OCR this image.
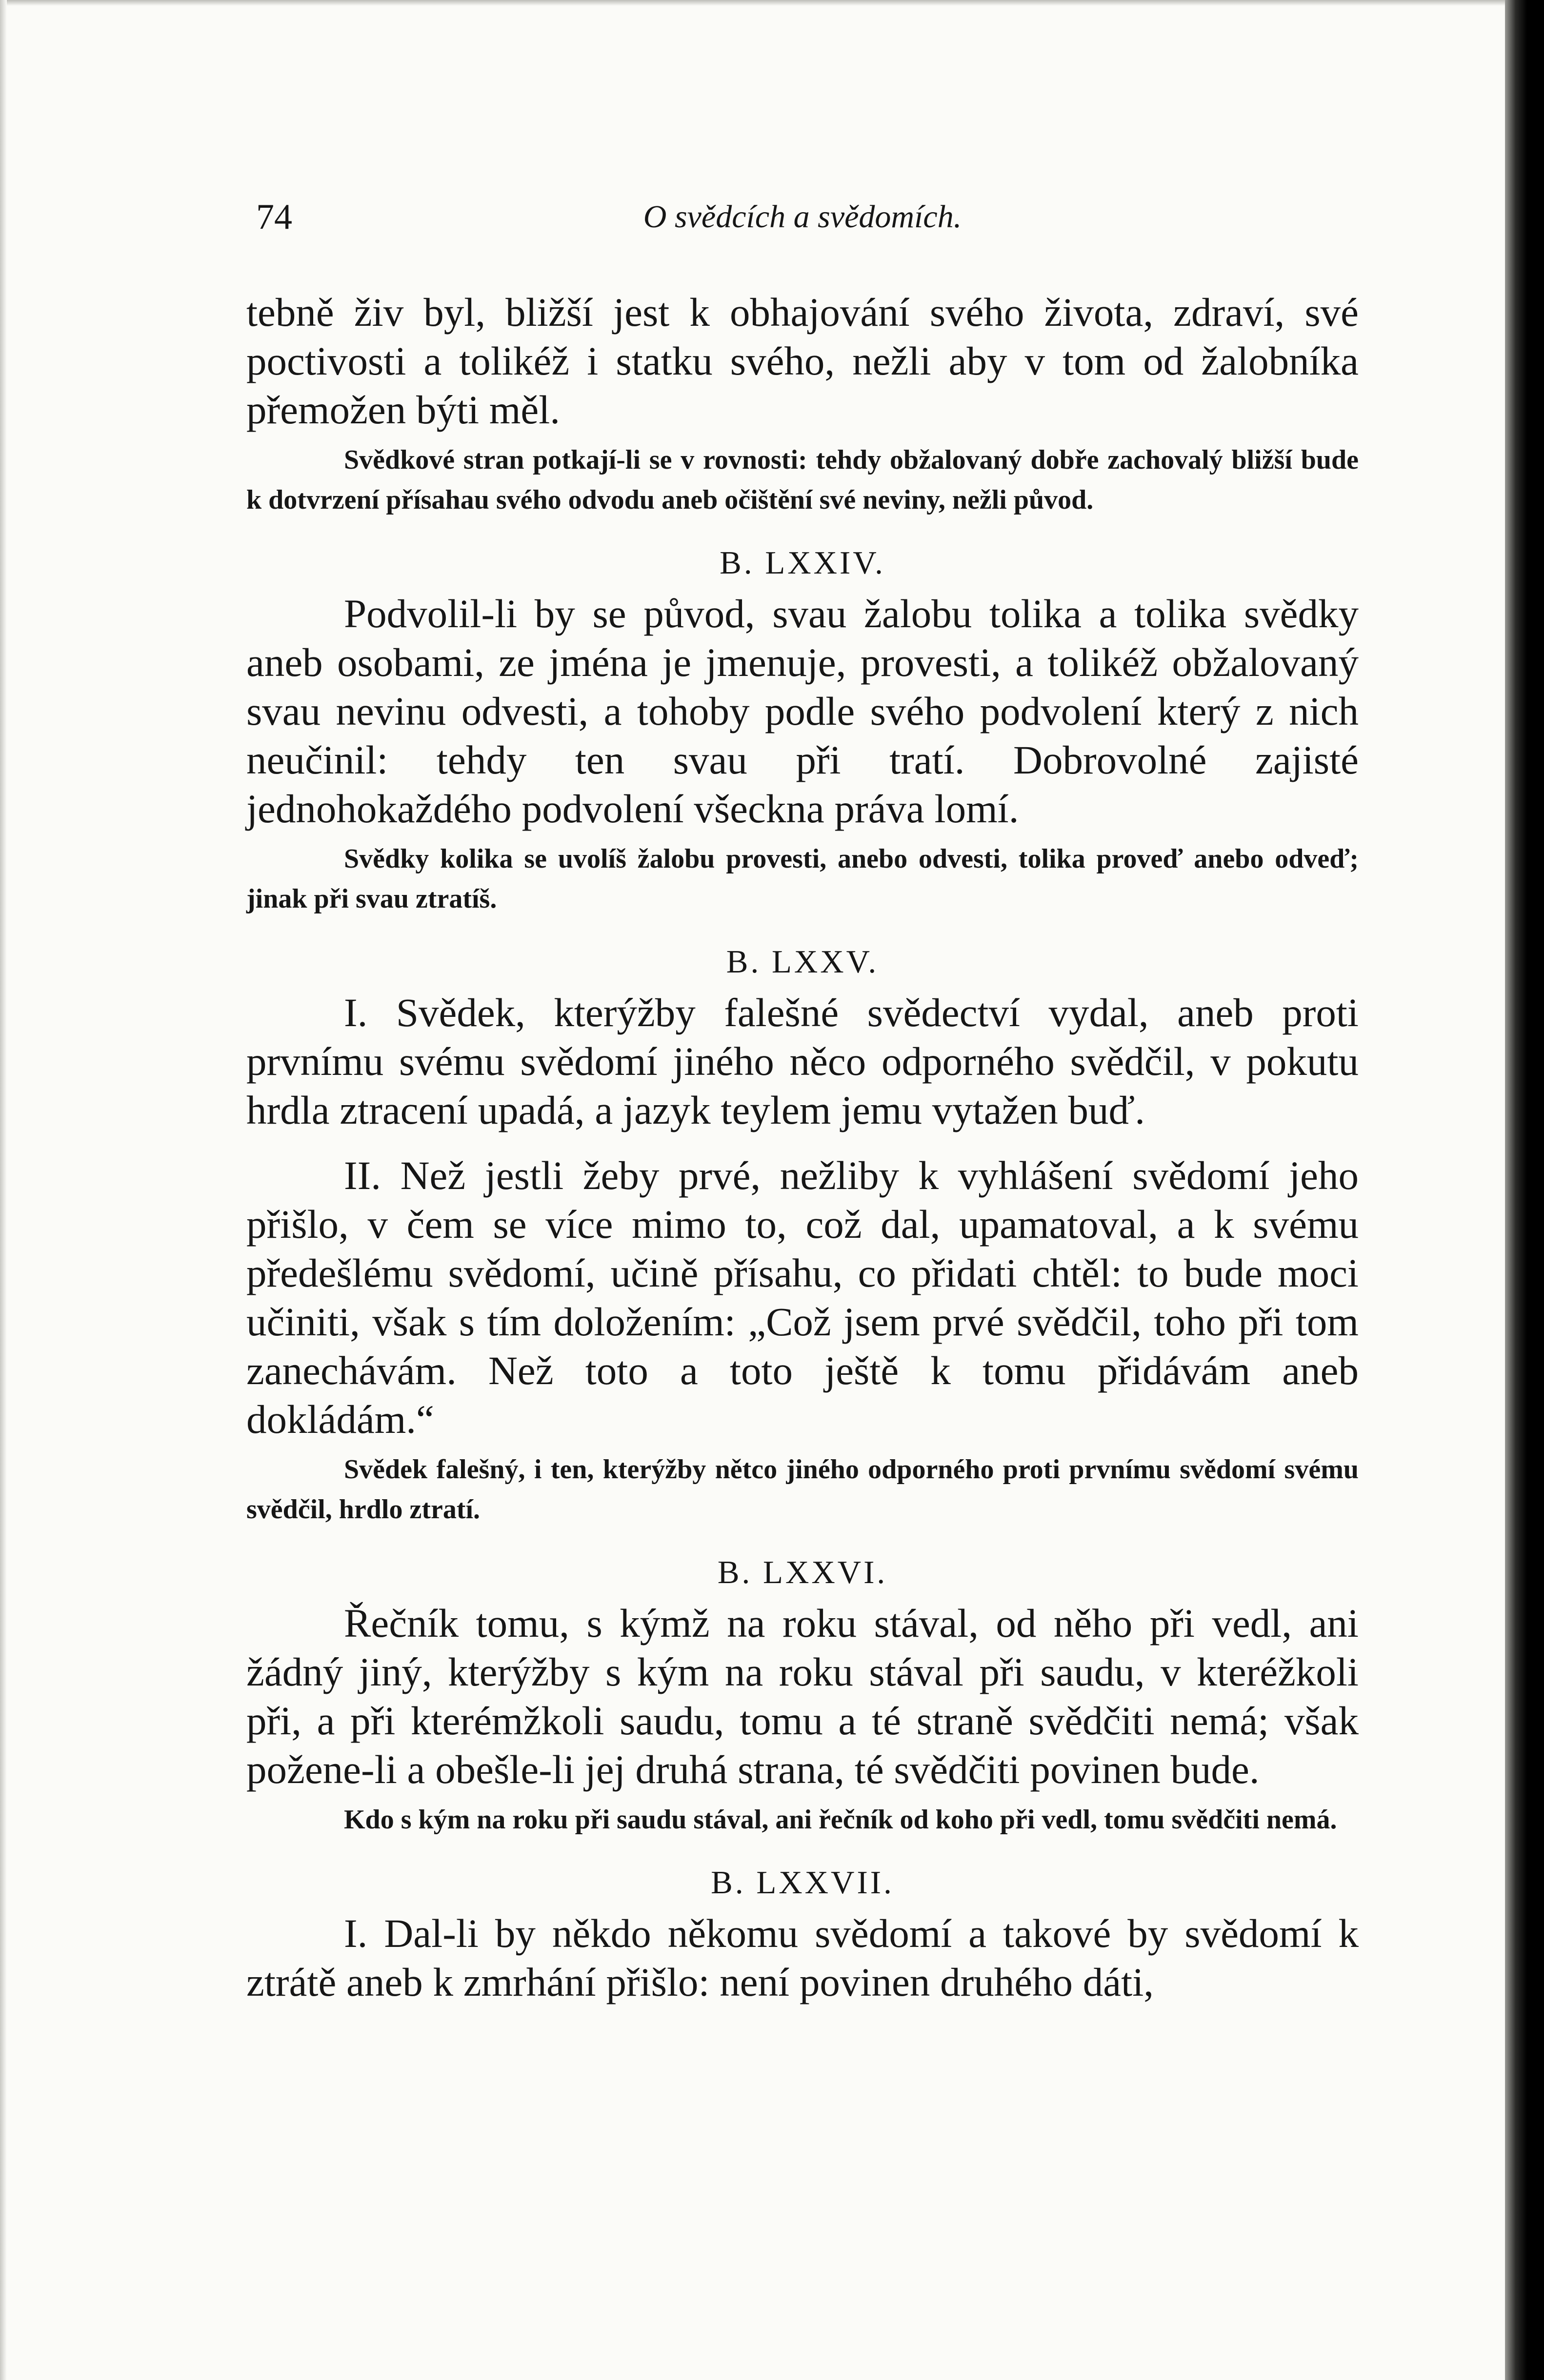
74	O svědcích a svědomích.

tebně živ byl, bližší jest k obhajování svého života, zdraví, své poctivosti a tolikéž i statku svého, nežli aby v tom od žalobníka přemožen býti měl.

Svědkové stran potkají-li se v rovnosti: tehdy obžalovaný dobře zachovalý bližší bude k dotvrzení přísahau svého odvodu aneb očištění své neviny, nežli původ.

B. LXXIV.

Podvolil-li by se původ, svau žalobu tolika a tolika svědky aneb osobami, ze jména je jmenuje, provesti, a tolikéž obžalovaný svau nevinu odvesti, a tohoby podle svého podvolení který z nich neučinil: tehdy ten svau při tratí. Dobrovolné zajisté jednohokaždého podvolení všeckna práva lomí.

Svědky kolika se uvolíš žalobu provesti, anebo odvesti, tolika proveď anebo odveď; jinak při svau ztratíš.

B. LXXV.

I. Svědek, kterýžby falešné svědectví vydal, aneb proti prvnímu svému svědomí jiného něco odporného svědčil, v pokutu hrdla ztracení upadá, a jazyk teylem jemu vytažen buď.

II. Než jestli žeby prvé, nežliby k vyhlášení svědomí jeho přišlo, v čem se více mimo to, což dal, upamatoval, a k svému předešlému svědomí, učině přísahu, co přidati chtěl: to bude moci učiniti, však s tím doložením: „Což jsem prvé svědčil, toho při tom zanechávám. Než toto a toto ještě k tomu přidávám aneb dokládám.“

Svědek falešný, i ten, kterýžby nětco jiného odporného proti prvnímu svědomí svému svědčil, hrdlo ztratí.

B. LXXVI.

Řečník tomu, s kýmž na roku stával, od něho při vedl, ani žádný jiný, kterýžby s kým na roku stával při saudu, v kteréžkoli při, a při kterémžkoli saudu, tomu a té straně svědčiti nemá; však požene-li a obešle-li jej druhá strana, té svědčiti povinen bude.

Kdo s kým na roku při saudu stával, ani řečník od koho při vedl, tomu svědčiti nemá.

B. LXXVII.

I. Dal-li by někdo někomu svědomí a takové by svědomí k ztrátě aneb k zmrhání přišlo: není povinen druhého dáti,
